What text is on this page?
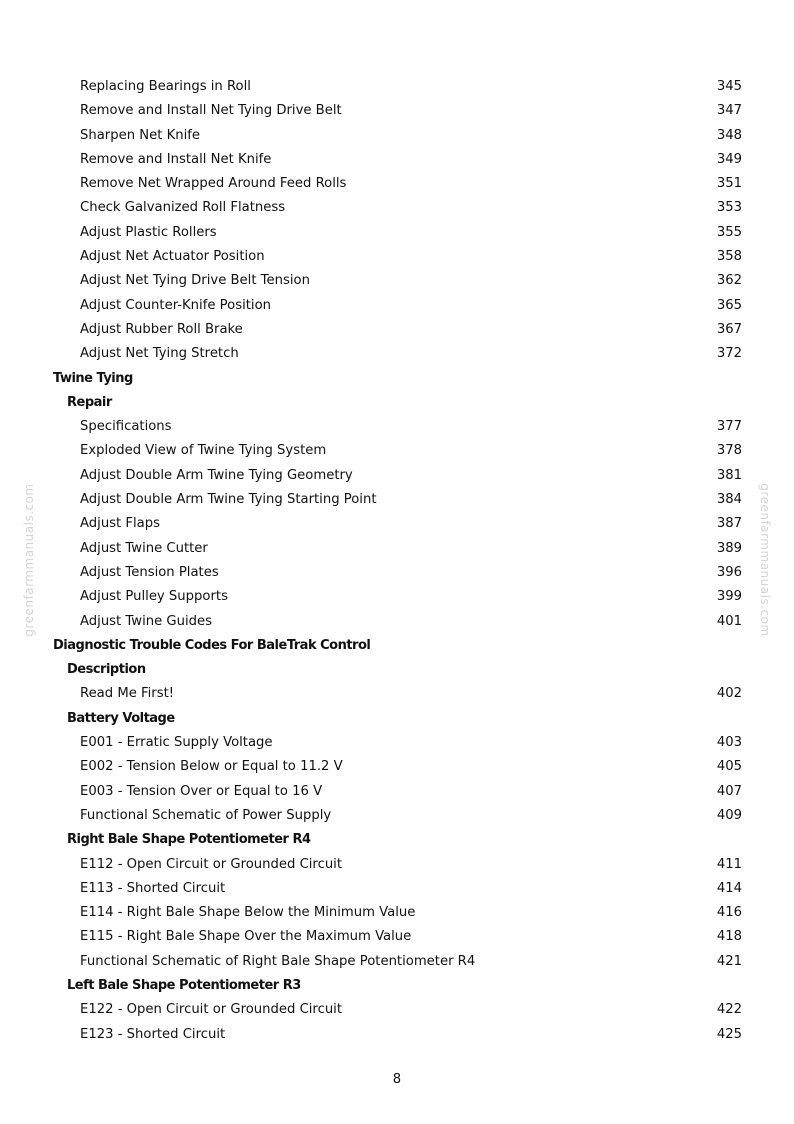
Replacing Bearings in Roll	345
Remove and Install Net Tying Drive Belt	347
Sharpen Net Knife	348
Remove and Install Net Knife	349
Remove Net Wrapped Around Feed Rolls	351
Check Galvanized Roll Flatness	353
Adjust Plastic Rollers	355
Adjust Net Actuator Position	358
Adjust Net Tying Drive Belt Tension	362
Adjust Counter-Knife Position	365
Adjust Rubber Roll Brake	367
Adjust Net Tying Stretch	372
Twine Tying
Repair
Specifications	377
Exploded View of Twine Tying System	378
Adjust Double Arm Twine Tying Geometry	381
Adjust Double Arm Twine Tying Starting Point	384
Adjust Flaps	387
Adjust Twine Cutter	389
Adjust Tension Plates	396
Adjust Pulley Supports	399
Adjust Twine Guides	401
Diagnostic Trouble Codes For BaleTrak Control
Description
Read Me First!	402
Battery Voltage
E001 - Erratic Supply Voltage	403
E002 - Tension Below or Equal to 11.2 V	405
E003 - Tension Over or Equal to 16 V	407
Functional Schematic of Power Supply	409
Right Bale Shape Potentiometer R4
E112 - Open Circuit or Grounded Circuit	411
E113 - Shorted Circuit	414
E114 - Right Bale Shape Below the Minimum Value	416
E115 - Right Bale Shape Over the Maximum Value	418
Functional Schematic of Right Bale Shape Potentiometer R4	421
Left Bale Shape Potentiometer R3
E122 - Open Circuit or Grounded Circuit	422
E123 - Shorted Circuit	425
8
greenfarmmanuals.com	greenfarmmanuals.com
